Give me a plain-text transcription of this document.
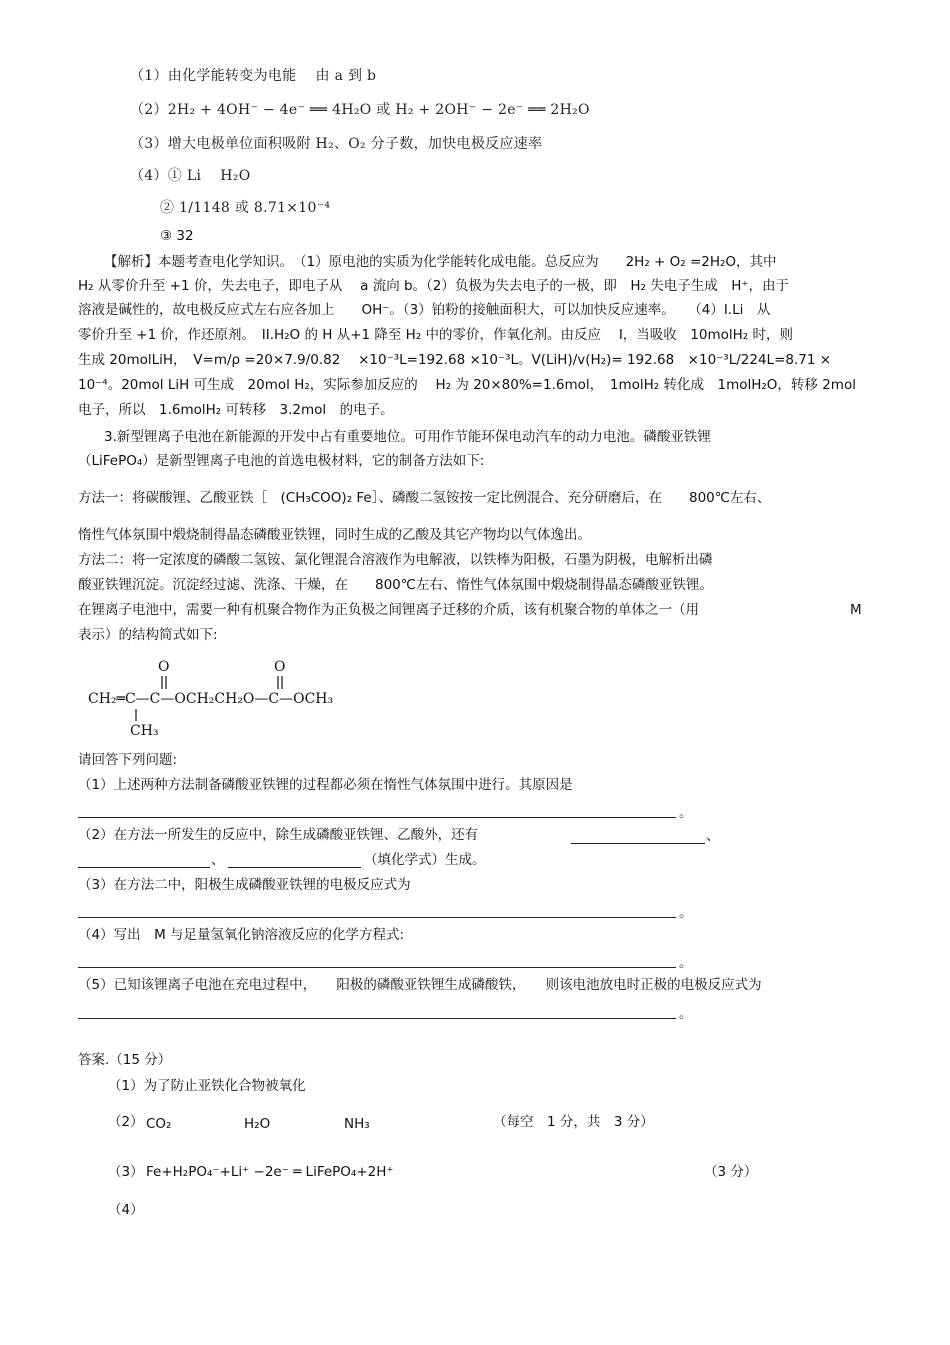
（1）由化学能转变为电能　 由 a 到 b
（2）2H₂ + 4OH⁻ − 4e⁻ ══ 4H₂O 或 H₂ + 2OH⁻ − 2e⁻ ══ 2H₂O
（3）增大电极单位面积吸附 H₂、O₂ 分子数，加快电极反应速率
（4）① Li　 H₂O
② 1/1148 或 8.71×10⁻⁴
③ 32
【解析】本题考查电化学知识。　（1）原电池的实质为化学能转化成电能。总反应为　　2H₂ + O₂ =2H₂O，其中
H₂ 从零价升至 +1 价，失去电子，即电子从　 a 流向 b。（2）负极为失去电子的一极，即　H₂ 失电子生成　H⁺，由于
溶液是碱性的，故电极反应式左右应各加上　　OH⁻。（3）铂粉的接触面积大，可以加快反应速率。　　（4）I.Li　从
零价升至 +1 价，作还原剂。　II.H₂O 的 H 从+1 降至 H₂ 中的零价，作氧化剂。由反应　 I，当吸收　10molH₂ 时，则
生成 20molLiH，　V=m/ρ =20×7.9/0.82　 ×10⁻³L=192.68 ×10⁻³L。V(LiH)/v(H₂)= 192.68　×10⁻³L/224L=8.71 ×
10⁻⁴。20mol LiH 可生成　20mol H₂，实际参加反应的　 H₂ 为 20×80%=1.6mol，　1molH₂ 转化成　1molH₂O，转移 2mol
电子，所以　1.6molH₂ 可转移　3.2mol　的电子。
3.新型锂离子电池在新能源的开发中占有重要地位。可用作节能环保电动汽车的动力电池。磷酸亚铁锂
（LiFePO₄）是新型锂离子电池的首选电极材料，它的制备方法如下:
方法一：将碳酸锂、乙酸亚铁［　(CH₃COO)₂ Fe］、磷酸二氢铵按一定比例混合、充分研磨后，在　　800℃左右、
惰性气体氛围中煅烧制得晶态磷酸亚铁锂，同时生成的乙酸及其它产物均以气体逸出。
方法二：将一定浓度的磷酸二氢铵、氯化锂混合溶液作为电解液，以铁棒为阳极，石墨为阴极，电解析出磷
酸亚铁锂沉淀。沉淀经过滤、洗涤、干燥，在　　800℃左右、惰性气体氛围中煅烧制得晶态磷酸亚铁锂。
在锂离子电池中，需要一种有机聚合物作为正负极之间锂离子迁移的介质，该有机聚合物的单体之一（用	M
表示）的结构简式如下:
O	O
CH₂═C—C—OCH₂CH₂O—C—OCH₃
CH₃
请回答下列问题:
（1）上述两种方法制备磷酸亚铁锂的过程都必须在惰性气体氛围中进行。其原因是
。
（2）在方法一所发生的反应中，除生成磷酸亚铁锂、乙酸外，还有	、
、	（填化学式）生成。
（3）在方法二中，阳极生成磷酸亚铁锂的电极反应式为
。
（4）写出　M 与足量氢氧化钠溶液反应的化学方程式:
。
（5）已知该锂离子电池在充电过程中，　　阳极的磷酸亚铁锂生成磷酸铁，　　则该电池放电时正极的电极反应式为
。
答案.（15 分）
（1）为了防止亚铁化合物被氧化
（2） CO₂	H₂O	NH₃	（每空　1 分，共　3 分）
（3） Fe+H₂PO₄⁻+Li⁺ −2e⁻ ═ LiFePO₄+2H⁺	（3 分）
（4）
